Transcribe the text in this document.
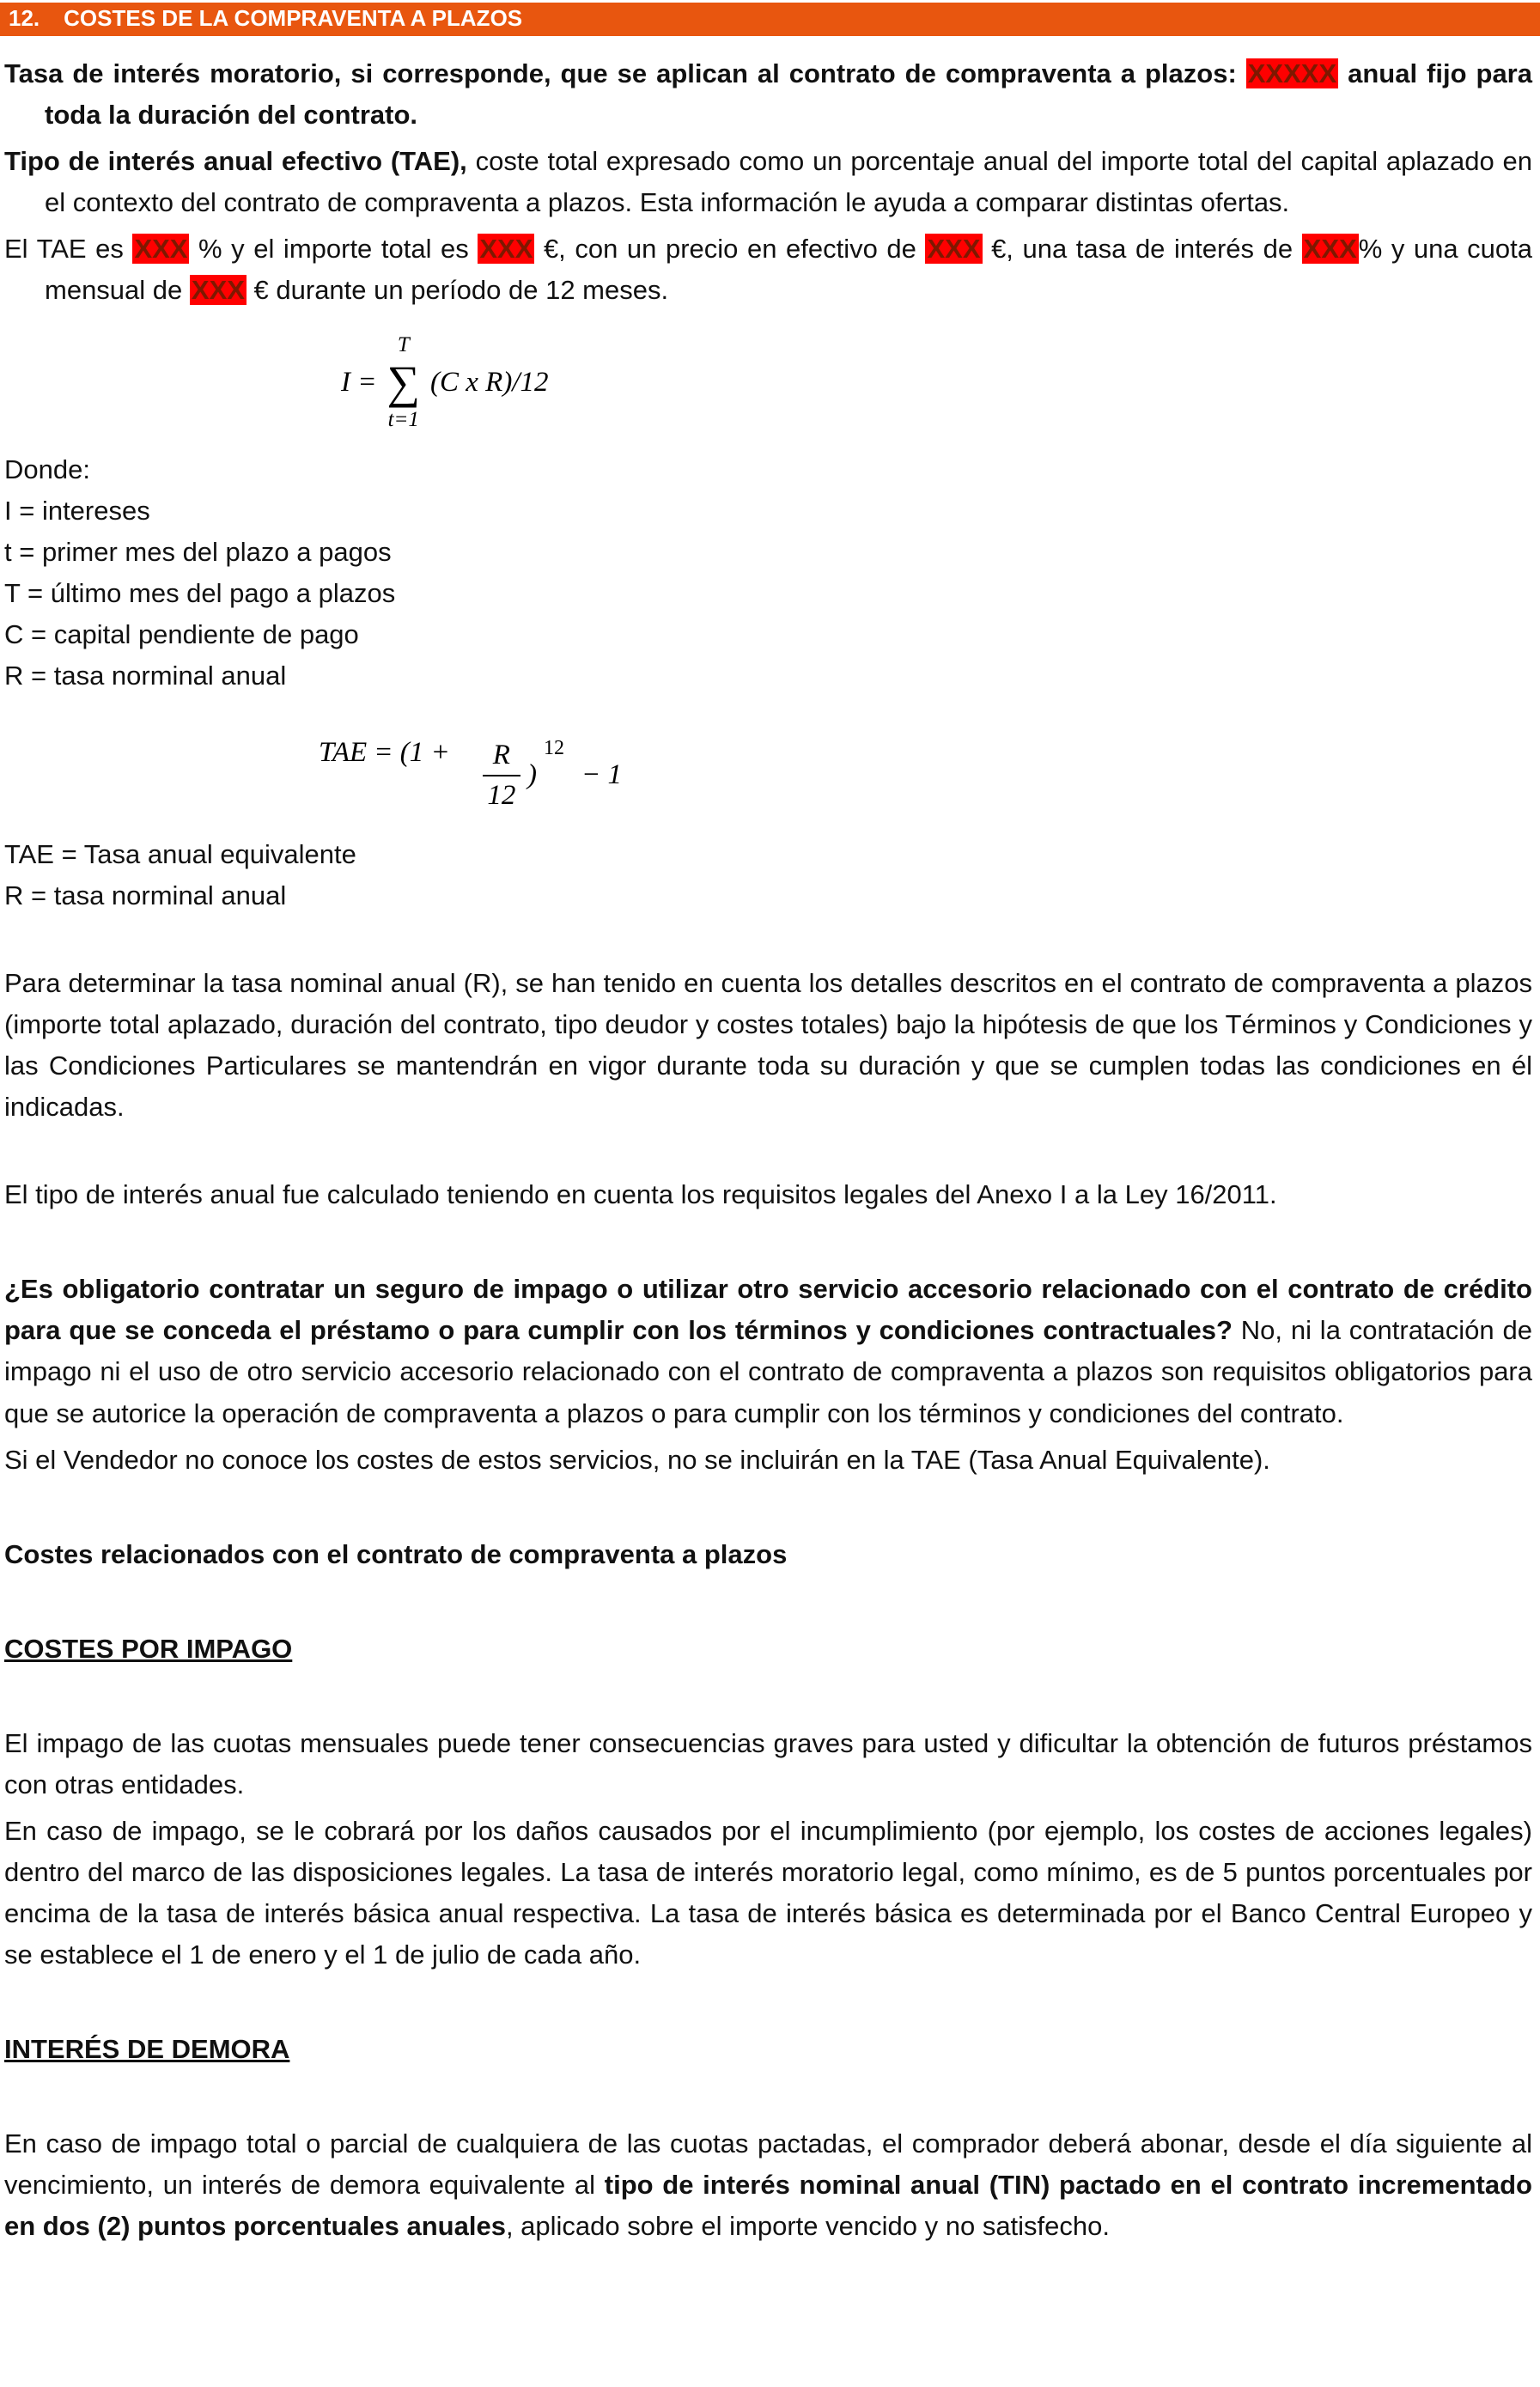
12. COSTES DE LA COMPRAVENTA A PLAZOS

Tasa de interés moratorio, si corresponde, que se aplican al contrato de compraventa a plazos: XXXXX anual fijo para toda la duración del contrato.

Tipo de interés anual efectivo (TAE), coste total expresado como un porcentaje anual del importe total del capital aplazado en el contexto del contrato de compraventa a plazos. Esta información le ayuda a comparar distintas ofertas.

El TAE es XXX % y el importe total es XXX €, con un precio en efectivo de XXX €, una tasa de interés de XXX% y una cuota mensual de XXX € durante un período de 12 meses.

I =
T
∑
t=1
(C x R)/12
Donde:
I = intereses
t = primer mes del plazo a pagos
T = último mes del pago a plazos
C = capital pendiente de pago
R = tasa norminal anual
TAE = ($1 + \frac{R}{12}$ )
12
− 1
TAE = Tasa anual equivalente
R = tasa norminal anual

Para determinar la tasa nominal anual (R), se han tenido en cuenta los detalles descritos en el contrato de compraventa a plazos (importe total aplazado, duración del contrato, tipo deudor y costes totales) bajo la hipótesis de que los Términos y Condiciones y las Condiciones Particulares se mantendrán en vigor durante toda su duración y que se cumplen todas las condiciones en él indicadas.

El tipo de interés anual fue calculado teniendo en cuenta los requisitos legales del Anexo I a la Ley 16/2011.

¿Es obligatorio contratar un seguro de impago o utilizar otro servicio accesorio relacionado con el contrato de crédito para que se conceda el préstamo o para cumplir con los términos y condiciones contractuales? No, ni la contratación de impago ni el uso de otro servicio accesorio relacionado con el contrato de compraventa a plazos son requisitos obligatorios para que se autorice la operación de compraventa a plazos o para cumplir con los términos y condiciones del contrato.

Si el Vendedor no conoce los costes de estos servicios, no se incluirán en la TAE (Tasa Anual Equivalente).

Costes relacionados con el contrato de compraventa a plazos

COSTES POR IMPAGO

El impago de las cuotas mensuales puede tener consecuencias graves para usted y dificultar la obtención de futuros préstamos con otras entidades.

En caso de impago, se le cobrará por los daños causados por el incumplimiento (por ejemplo, los costes de acciones legales) dentro del marco de las disposiciones legales. La tasa de interés moratorio legal, como mínimo, es de 5 puntos porcentuales por encima de la tasa de interés básica anual respectiva. La tasa de interés básica es determinada por el Banco Central Europeo y se establece el 1 de enero y el 1 de julio de cada año.

INTERÉS DE DEMORA

En caso de impago total o parcial de cualquiera de las cuotas pactadas, el comprador deberá abonar, desde el día siguiente al vencimiento, un interés de demora equivalente al tipo de interés nominal anual (TIN) pactado en el contrato incrementado en dos (2) puntos porcentuales anuales, aplicado sobre el importe vencido y no satisfecho.
